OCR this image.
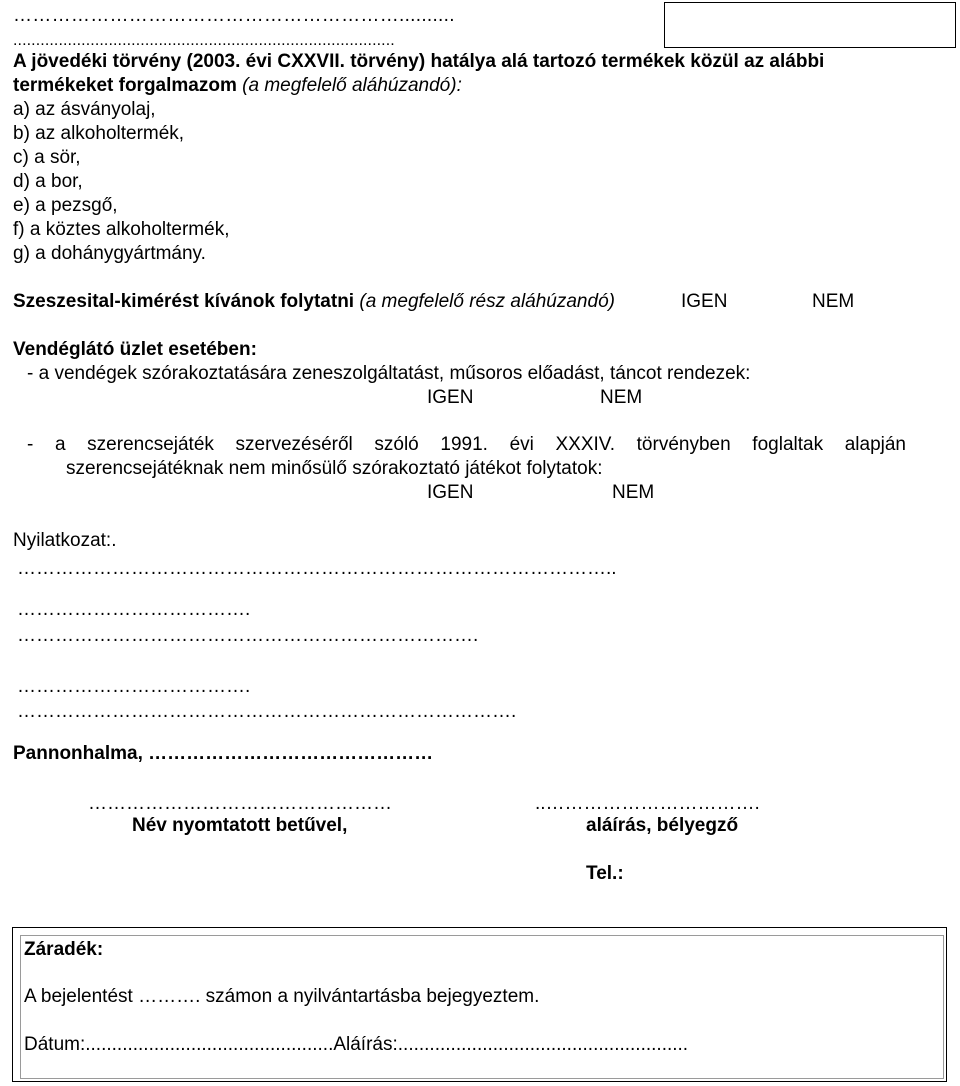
……………………………………………………..........
....................................................................................
A jövedéki törvény (2003. évi CXXVII. törvény) hatálya alá tartozó termékek közül az alábbi
termékeket forgalmazom (a megfelelő aláhúzandó):
a) az ásványolaj,
b) az alkoholtermék,
c) a sör,
d) a bor,
e) a pezsgő,
f) a köztes alkoholtermék,
g) a dohánygyártmány.
Szeszesital-kimérést kívánok folytatni (a megfelelő rész aláhúzandó)	IGEN	NEM
Vendéglátó üzlet esetében:
- a vendégek szórakoztatására zeneszolgáltatást, műsoros előadást, táncot rendezek:
IGEN	NEM
- a szerencsejáték szervezéséről szóló 1991. évi XXXIV. törvényben foglaltak alapján
szerencsejátéknak nem minősülő szórakoztató játékot folytatok:
IGEN	NEM
Nyilatkozat:.
…………………………………………………………………………………..
……………………………….
……………………………………………………………….
……………………………….
…………………………………………………………………….
Pannonhalma, ………………………………………
…………………………………………	..…………………………….
Név nyomtatott betűvel,	aláírás, bélyegző
Tel.:
Záradék:
A bejelentést ………. számon a nyilvántartásba bejegyeztem.
Dátum:...............................................Aláírás:.......................................................
